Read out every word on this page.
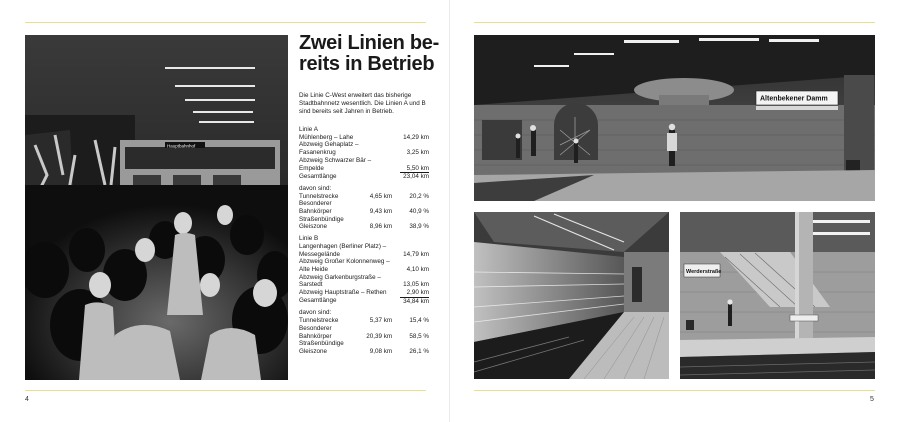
Hauptbahnhof
Zwei Linien be-
reits in Betrieb

Die Linie C-West erweitert das bisherige Stadtbahnnetz wesentlich. Die Linien A und B sind bereits seit Jahren in Betrieb.

Linie A		
Mühlenberg – Lahe		14,29 km
Abzweig Gehaplatz –		
Fasanenkrug		3,25 km
Abzweig Schwarzer Bär –		
Empelde		5,50 km
Gesamtlänge		23,04 km

davon sind:		
Tunnelstrecke	4,65 km	20,2 %
Besonderer		
Bahnkörper	9,43 km	40,9 %
Straßenbündige		
Gleiszone	8,96 km	38,9 %

Linie B		
Langenhagen (Berliner Platz) –		
Messegelände		14,79 km
Abzweig Großer Kolonnenweg –		
Alte Heide		4,10 km
Abzweig Garkenburgstraße –		
Sarstedt		13,05 km
Abzweig Hauptstraße – Rethen		2,90 km
Gesamtlänge		34,84 km

davon sind:		
Tunnelstrecke	5,37 km	15,4 %
Besonderer		
Bahnkörper	20,39 km	58,5 %
Straßenbündige		
Gleiszone	9,08 km	26,1 %
4
Altenbekener Damm
Werderstraße
5
